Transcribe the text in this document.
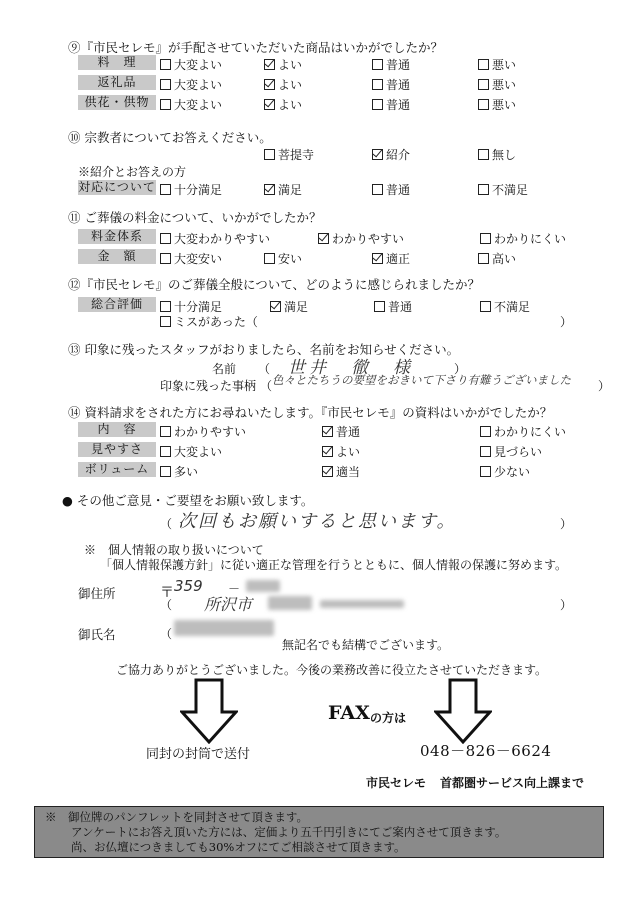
⑨『市民セレモ』が手配させていただいた商品はいかがでしたか？
料　理	大変よい	よい	普通	悪い
返礼品	大変よい	よい	普通	悪い
供花・供物	大変よい	よい	普通	悪い
⑩ 宗教者についてお答えください。
菩提寺	紹介	無し
※紹介とお答えの方
対応について	十分満足	満足	普通	不満足
⑪ ご葬儀の料金について、いかがでしたか？
料金体系	大変わかりやすい	わかりやすい	わかりにくい
金　額	大変安い	安い	適正	高い
⑫『市民セレモ』のご葬儀全般について、どのように感じられましたか？
総合評価	十分満足	満足	普通	不満足
ミスがあった（	）
⑬ 印象に残ったスタッフがおりましたら、名前をお知らせください。
名前 （ 世井　徹　様	）
印象に残った事柄 （ 色々とたちうの要望をおきいて下さり有難うございました ）
⑭ 資料請求をされた方にお尋ねいたします。『市民セレモ』の資料はいかがでしたか？
内　容	わかりやすい	普通	わかりにくい
見やすさ	大変よい	よい	見づらい
ボリューム	多い	適当	少ない
● その他ご意見・ご要望をお願い致します。
（ 次回もお願いすると思います。	）
※　個人情報の取り扱いについて
「個人情報保護方針」に従い適正な管理を行うとともに、個人情報の保護に努めます。
御住所	〒 359 －
（ 所沢市	）
御氏名	（
無記名でも結構でございます。
ご協力ありがとうございました。今後の業務改善に役立たさせていただきます。
FAX の方は
同封の封筒で送付	048－826－6624
市民セレモ 首都圏サービス向上課まで
※　御位牌のパンフレットを同封させて頂きます。
アンケートにお答え頂いた方には、定価より五千円引きにてご案内させて頂きます。
尚、お仏壇につきましても30%オフにてご相談させて頂きます。
